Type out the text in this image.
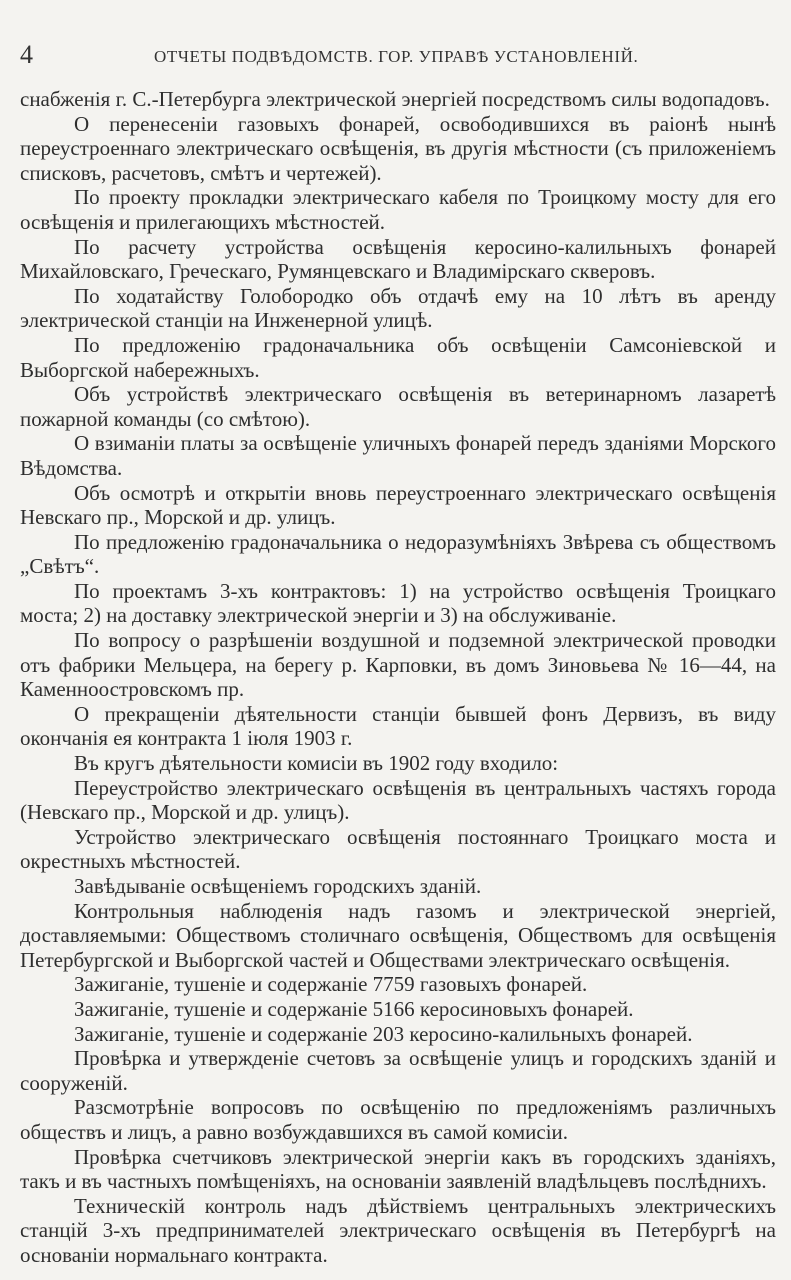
4	ОТЧЕТЫ ПОДВѢДОМСТВ. ГОР. УПРАВѢ УСТАНОВЛЕНІЙ.

снабженія г. С.-Петербурга электрической энергіей посредствомъ силы водопадовъ.

О перенесеніи газовыхъ фонарей, освободившихся въ раіонѣ нынѣ переустроеннаго электрическаго освѣщенія, въ другія мѣстности (съ приложеніемъ списковъ, расчетовъ, смѣтъ и чертежей).

По проекту прокладки электрическаго кабеля по Троицкому мосту для его освѣщенія и прилегающихъ мѣстностей.

По расчету устройства освѣщенія керосино-калильныхъ фонарей Михайловскаго, Греческаго, Румянцевскаго и Владимірскаго скверовъ.

По ходатайству Голобородко объ отдачѣ ему на 10 лѣтъ въ аренду электрической станціи на Инженерной улицѣ.

По предложенію градоначальника объ освѣщеніи Самсоніевской и Выборгской набережныхъ.

Объ устройствѣ электрическаго освѣщенія въ ветеринарномъ лазаретѣ пожарной команды (со смѣтою).

О взиманіи платы за освѣщеніе уличныхъ фонарей передъ зданіями Морского Вѣдомства.

Объ осмотрѣ и открытіи вновь переустроеннаго электрическаго освѣщенія Невскаго пр., Морской и др. улицъ.

По предложенію градоначальника о недоразумѣніяхъ Звѣрева съ обществомъ „Свѣтъ“.

По проектамъ 3-хъ контрактовъ: 1) на устройство освѣщенія Троицкаго моста; 2) на доставку электрической энергіи и 3) на обслуживаніе.

По вопросу о разрѣшеніи воздушной и подземной электрической проводки отъ фабрики Мельцера, на берегу р. Карповки, въ домъ Зиновьева № 16—44, на Каменноостровскомъ пр.

О прекращеніи дѣятельности станціи бывшей фонъ Дервизъ, въ виду окончанія ея контракта 1 іюля 1903 г.

Въ кругъ дѣятельности комисіи въ 1902 году входило:

Переустройство электрическаго освѣщенія въ центральныхъ частяхъ города (Невскаго пр., Морской и др. улицъ).

Устройство электрическаго освѣщенія постояннаго Троицкаго моста и окрестныхъ мѣстностей.

Завѣдываніе освѣщеніемъ городскихъ зданій.

Контрольныя наблюденія надъ газомъ и электрической энергіей, доставляемыми: Обществомъ столичнаго освѣщенія, Обществомъ для освѣщенія Петербургской и Выборгской частей и Обществами электрическаго освѣщенія.

Зажиганіе, тушеніе и содержаніе 7759 газовыхъ фонарей.

Зажиганіе, тушеніе и содержаніе 5166 керосиновыхъ фонарей.

Зажиганіе, тушеніе и содержаніе 203 керосино-калильныхъ фонарей.

Провѣрка и утвержденіе счетовъ за освѣщеніе улицъ и городскихъ зданій и сооруженій.

Разсмотрѣніе вопросовъ по освѣщенію по предложеніямъ различныхъ обществъ и лицъ, а равно возбуждавшихся въ самой комисіи.

Провѣрка счетчиковъ электрической энергіи какъ въ городскихъ зданіяхъ, такъ и въ частныхъ помѣщеніяхъ, на основаніи заявленій владѣльцевъ послѣднихъ.

Техническій контроль надъ дѣйствіемъ центральныхъ электрическихъ станцій 3-хъ предпринимателей электрическаго освѣщенія въ Петербургѣ на основаніи нормальнаго контракта.
